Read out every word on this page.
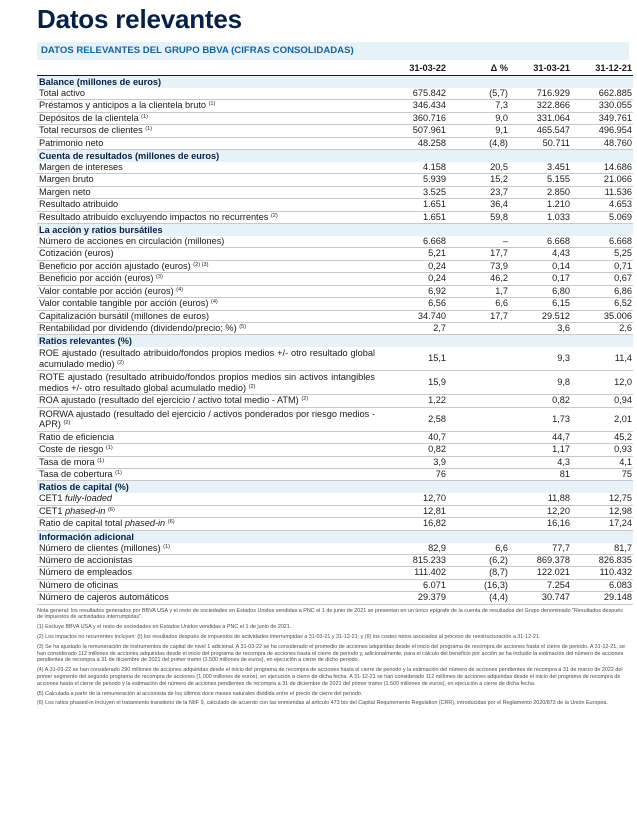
Datos relevantes
DATOS RELEVANTES DEL GRUPO BBVA (CIFRAS CONSOLIDADAS)
	31-03-22	Δ %	31-03-21	31-12-21
Balance (millones de euros)				
Total activo	675.842	(5,7)	716.929	662.885
Préstamos y anticipos a la clientela bruto $^{(1)}$	346.434	7,3	322.866	330.055
Depósitos de la clientela $^{(1)}$	360.716	9,0	331.064	349.761
Total recursos de clientes $^{(1)}$	507.961	9,1	465.547	496.954
Patrimonio neto	48.258	(4,8)	50.711	48.760
Cuenta de resultados (millones de euros)				
Margen de intereses	4.158	20,5	3.451	14.686
Margen bruto	5.939	15,2	5.155	21.066
Margen neto	3.525	23,7	2.850	11.536
Resultado atribuido	1.651	36,4	1.210	4.653
Resultado atribuido excluyendo impactos no recurrentes $^{(2)}$	1.651	59,8	1.033	5.069
La acción y ratios bursátiles				
Número de acciones en circulación (millones)	6.668	–	6.668	6.668
Cotización (euros)	5,21	17,7	4,43	5,25
Beneficio por acción ajustado (euros) $^{(2) (3)}$	0,24	73,9	0,14	0,71
Beneficio por acción (euros) $^{(3)}$	0,24	46,2	0,17	0,67
Valor contable por acción (euros) $^{(4)}$	6,92	1,7	6,80	6,86
Valor contable tangible por acción (euros) $^{(4)}$	6,56	6,6	6,15	6,52
Capitalización bursátil (millones de euros)	34.740	17,7	29.512	35.006
Rentabilidad por dividendo (dividendo/precio; %) $^{(5)}$	2,7		3,6	2,6
Ratios relevantes (%)				
ROE ajustado (resultado atribuido/fondos propios medios +/- otro resultado global acumulado medio) $^{(2)}$	15,1		9,3	11,4
ROTE ajustado (resultado atribuido/fondos propios medios sin activos intangibles medios +/- otro resultado global acumulado medio) $^{(2)}$	15,9		9,8	12,0
ROA ajustado (resultado del ejercicio / activo total medio - ATM) $^{(2)}$	1,22		0,82	0,94
RORWA ajustado (resultado del ejercicio / activos ponderados por riesgo medios - APR) $^{(2)}$	2,58		1,73	2,01
Ratio de eficiencia	40,7		44,7	45,2
Coste de riesgo $^{(1)}$	0,82		1,17	0,93
Tasa de mora $^{(1)}$	3,9		4,3	4,1
Tasa de cobertura $^{(1)}$	76		81	75
Ratios de capital (%)				
CET1 fully-loaded	12,70		11,88	12,75
CET1 phased-in $^{(6)}$	12,81		12,20	12,98
Ratio de capital total phased-in $^{(6)}$	16,82		16,16	17,24
Información adicional				
Número de clientes (millones) $^{(1)}$	82,9	6,6	77,7	81,7
Número de accionistas	815.233	(6,2)	869.378	826.835
Número de empleados	111.402	(8,7)	122.021	110.432
Número de oficinas	6.071	(16,3)	7.254	6.083
Número de cajeros automáticos	29.379	(4,4)	30.747	29.148

Nota general: los resultados generados por BBVA USA y el resto de sociedades en Estados Unidos vendidas a PNC el 1 de junio de 2021 se presentan en un único epígrafe de la cuenta de resultados del Grupo denominado "Resultados después de impuestos de actividades interrumpidas".

(1) Excluye BBVA USA y el resto de sociedades en Estados Unidos vendidas a PNC el 1 de junio de 2021.

(2) Los impactos no recurrentes incluyen: (I) los resultados después de impuestos de actividades interrumpidas a 31-03-21 y 31-12-21; y (II) los costes netos asociados al proceso de reestructuración a 31-12-21.

(3) Se ha ajustado la remuneración de instrumentos de capital de nivel 1 adicional. A 31-03-22 se ha considerado el promedio de acciones adquiridas desde el inicio del programa de recompra de acciones hasta el cierre de periodo. A 31-12-21, se han considerado 112 millones de acciones adquiridas desde el inicio del programa de recompra de acciones hasta el cierre de periodo y, adicionalmente, para el cálculo del beneficio por acción se ha incluido la estimación del número de acciones pendientes de recompra a 31 de diciembre de 2021 del primer tramo (1.500 millones de euros), en ejecución a cierre de dicho periodo.

(4) A 31-03-22 se han considerado 290 millones de acciones adquiridas desde el inicio del programa de recompra de acciones hasta el cierre de periodo y la estimación del número de acciones pendientes de recompra a 31 de marzo de 2022 del primer segmento del segundo programa de recompra de acciones (1.000 millones de euros), en ejecución a cierre de dicha fecha. A 31-12-21 se han considerado 112 millones de acciones adquiridas desde el inicio del programa de recompra de acciones hasta el cierre de periodo y la estimación del número de acciones pendientes de recompra a 31 de diciembre de 2021 del primer tramo (1.500 millones de euros), en ejecución a cierre de dicha fecha.

(5) Calculada a partir de la remuneración al accionista de los últimos doce meses naturales dividida entre el precio de cierre del periodo.

(6) Los ratios phased-in incluyen el tratamiento transitorio de la NIIF 9, calculado de acuerdo con las enmiendas al artículo 473 bis del Capital Requirements Regulation (CRR), introducidas por el Reglamento 2020/873 de la Unión Europea.
